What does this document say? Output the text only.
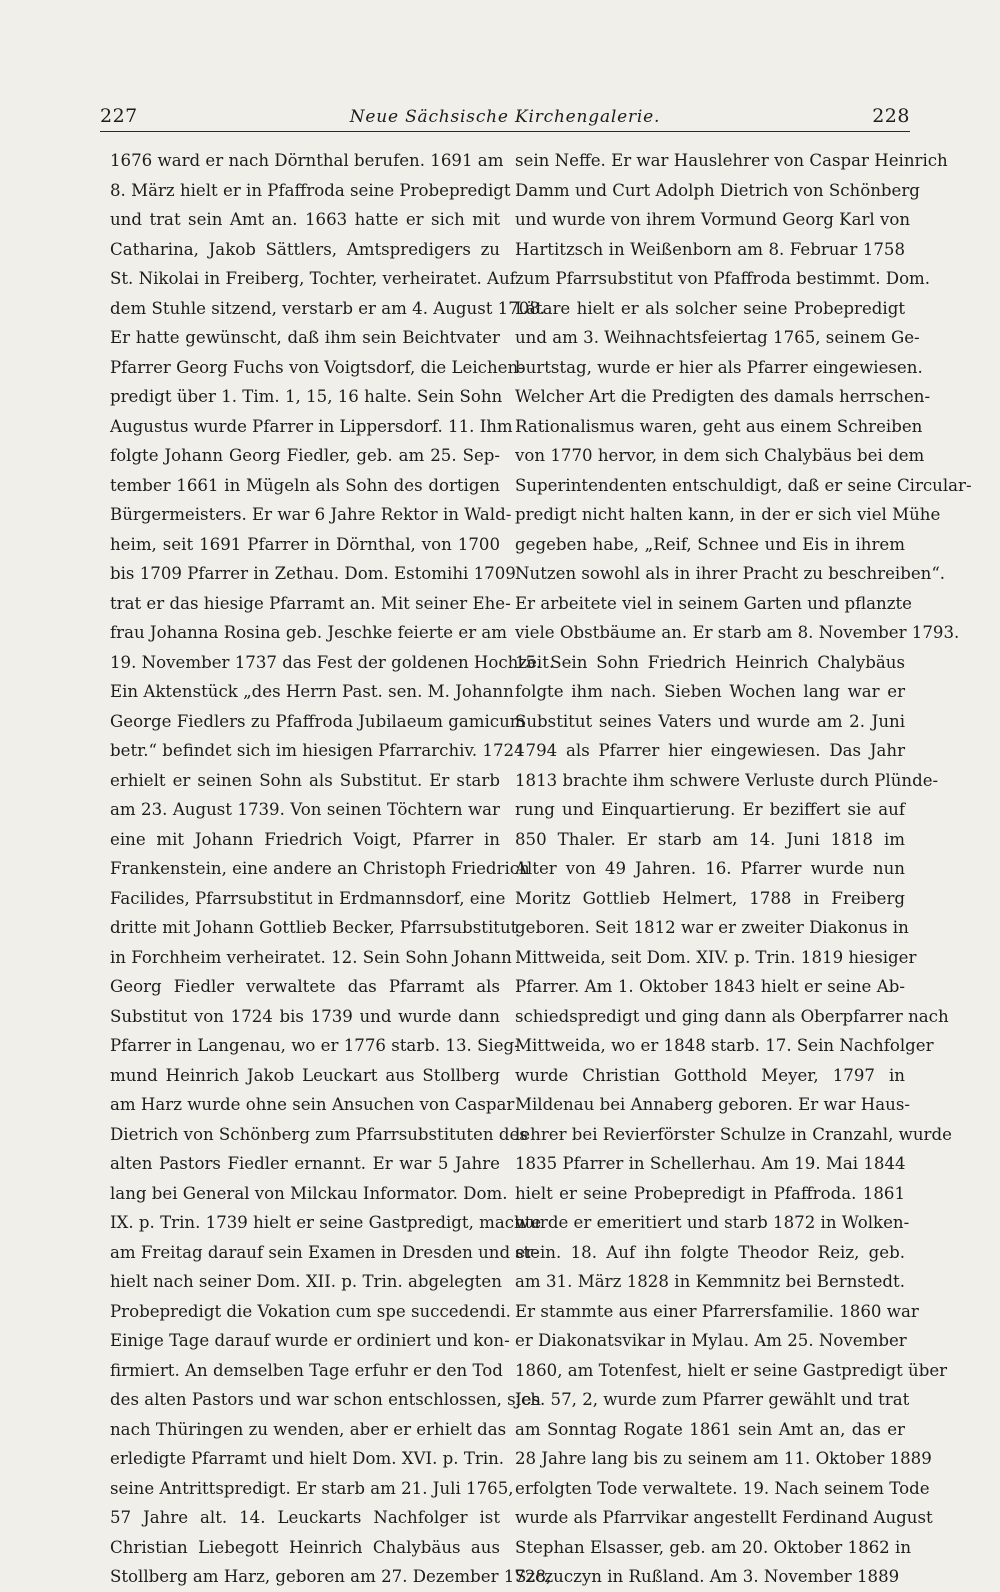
227	Neue Sächsische Kirchengalerie.	228
1676 ward er nach Dörnthal berufen. 1691 am
8. März hielt er in Pfaffroda seine Probepredigt
und trat sein Amt an. 1663 hatte er sich mit
Catharina, Jakob Sättlers, Amtspredigers zu
St. Nikolai in Freiberg, Tochter, verheiratet. Auf
dem Stuhle sitzend, verstarb er am 4. August 1708.
Er hatte gewünscht, daß ihm sein Beichtvater
Pfarrer Georg Fuchs von Voigtsdorf, die Leichen-
predigt über 1. Tim. 1, 15, 16 halte. Sein Sohn
Augustus wurde Pfarrer in Lippersdorf. 11. Ihm
folgte Johann Georg Fiedler, geb. am 25. Sep-
tember 1661 in Mügeln als Sohn des dortigen
Bürgermeisters. Er war 6 Jahre Rektor in Wald-
heim, seit 1691 Pfarrer in Dörnthal, von 1700
bis 1709 Pfarrer in Zethau. Dom. Estomihi 1709
trat er das hiesige Pfarramt an. Mit seiner Ehe-
frau Johanna Rosina geb. Jeschke feierte er am
19. November 1737 das Fest der goldenen Hochzeit.
Ein Aktenstück „des Herrn Past. sen. M. Johann
George Fiedlers zu Pfaffroda Jubilaeum gamicum
betr.“ befindet sich im hiesigen Pfarrarchiv. 1724
erhielt er seinen Sohn als Substitut. Er starb
am 23. August 1739. Von seinen Töchtern war
eine mit Johann Friedrich Voigt, Pfarrer in
Frankenstein, eine andere an Christoph Friedrich
Facilides, Pfarrsubstitut in Erdmannsdorf, eine
dritte mit Johann Gottlieb Becker, Pfarrsubstitut
in Forchheim verheiratet. 12. Sein Sohn Johann
Georg Fiedler verwaltete das Pfarramt als
Substitut von 1724 bis 1739 und wurde dann
Pfarrer in Langenau, wo er 1776 starb. 13. Sieg-
mund Heinrich Jakob Leuckart aus Stollberg
am Harz wurde ohne sein Ansuchen von Caspar
Dietrich von Schönberg zum Pfarrsubstituten des
alten Pastors Fiedler ernannt. Er war 5 Jahre
lang bei General von Milckau Informator. Dom.
IX. p. Trin. 1739 hielt er seine Gastpredigt, machte
am Freitag darauf sein Examen in Dresden und er-
hielt nach seiner Dom. XII. p. Trin. abgelegten
Probepredigt die Vokation cum spe succedendi.
Einige Tage darauf wurde er ordiniert und kon-
firmiert. An demselben Tage erfuhr er den Tod
des alten Pastors und war schon entschlossen, sich
nach Thüringen zu wenden, aber er erhielt das
erledigte Pfarramt und hielt Dom. XVI. p. Trin.
seine Antrittspredigt. Er starb am 21. Juli 1765,
57 Jahre alt. 14. Leuckarts Nachfolger ist
Christian Liebegott Heinrich Chalybäus aus
Stollberg am Harz, geboren am 27. Dezember 1728,
sein Neffe. Er war Hauslehrer von Caspar Heinrich
Damm und Curt Adolph Dietrich von Schönberg
und wurde von ihrem Vormund Georg Karl von
Hartitzsch in Weißenborn am 8. Februar 1758
zum Pfarrsubstitut von Pfaffroda bestimmt. Dom.
Lätare hielt er als solcher seine Probepredigt
und am 3. Weihnachtsfeiertag 1765, seinem Ge-
burtstag, wurde er hier als Pfarrer eingewiesen.
Welcher Art die Predigten des damals herrschen-
Rationalismus waren, geht aus einem Schreiben
von 1770 hervor, in dem sich Chalybäus bei dem
Superintendenten entschuldigt, daß er seine Circular-
predigt nicht halten kann, in der er sich viel Mühe
gegeben habe, „Reif, Schnee und Eis in ihrem
Nutzen sowohl als in ihrer Pracht zu beschreiben“.
Er arbeitete viel in seinem Garten und pflanzte
viele Obstbäume an. Er starb am 8. November 1793.
15. Sein Sohn Friedrich Heinrich Chalybäus
folgte ihm nach. Sieben Wochen lang war er
Substitut seines Vaters und wurde am 2. Juni
1794 als Pfarrer hier eingewiesen. Das Jahr
1813 brachte ihm schwere Verluste durch Plünde-
rung und Einquartierung. Er beziffert sie auf
850 Thaler. Er starb am 14. Juni 1818 im
Alter von 49 Jahren. 16. Pfarrer wurde nun
Moritz Gottlieb Helmert, 1788 in Freiberg
geboren. Seit 1812 war er zweiter Diakonus in
Mittweida, seit Dom. XIV. p. Trin. 1819 hiesiger
Pfarrer. Am 1. Oktober 1843 hielt er seine Ab-
schiedspredigt und ging dann als Oberpfarrer nach
Mittweida, wo er 1848 starb. 17. Sein Nachfolger
wurde Christian Gotthold Meyer, 1797 in
Mildenau bei Annaberg geboren. Er war Haus-
lehrer bei Revierförster Schulze in Cranzahl, wurde
1835 Pfarrer in Schellerhau. Am 19. Mai 1844
hielt er seine Probepredigt in Pfaffroda. 1861
wurde er emeritiert und starb 1872 in Wolken-
stein. 18. Auf ihn folgte Theodor Reiz, geb.
am 31. März 1828 in Kemmnitz bei Bernstedt.
Er stammte aus einer Pfarrersfamilie. 1860 war
er Diakonatsvikar in Mylau. Am 25. November
1860, am Totenfest, hielt er seine Gastpredigt über
Jes. 57, 2, wurde zum Pfarrer gewählt und trat
am Sonntag Rogate 1861 sein Amt an, das er
28 Jahre lang bis zu seinem am 11. Oktober 1889
erfolgten Tode verwaltete. 19. Nach seinem Tode
wurde als Pfarrvikar angestellt Ferdinand August
Stephan Elsasser, geb. am 20. Oktober 1862 in
Szczuczyn in Rußland. Am 3. November 1889
